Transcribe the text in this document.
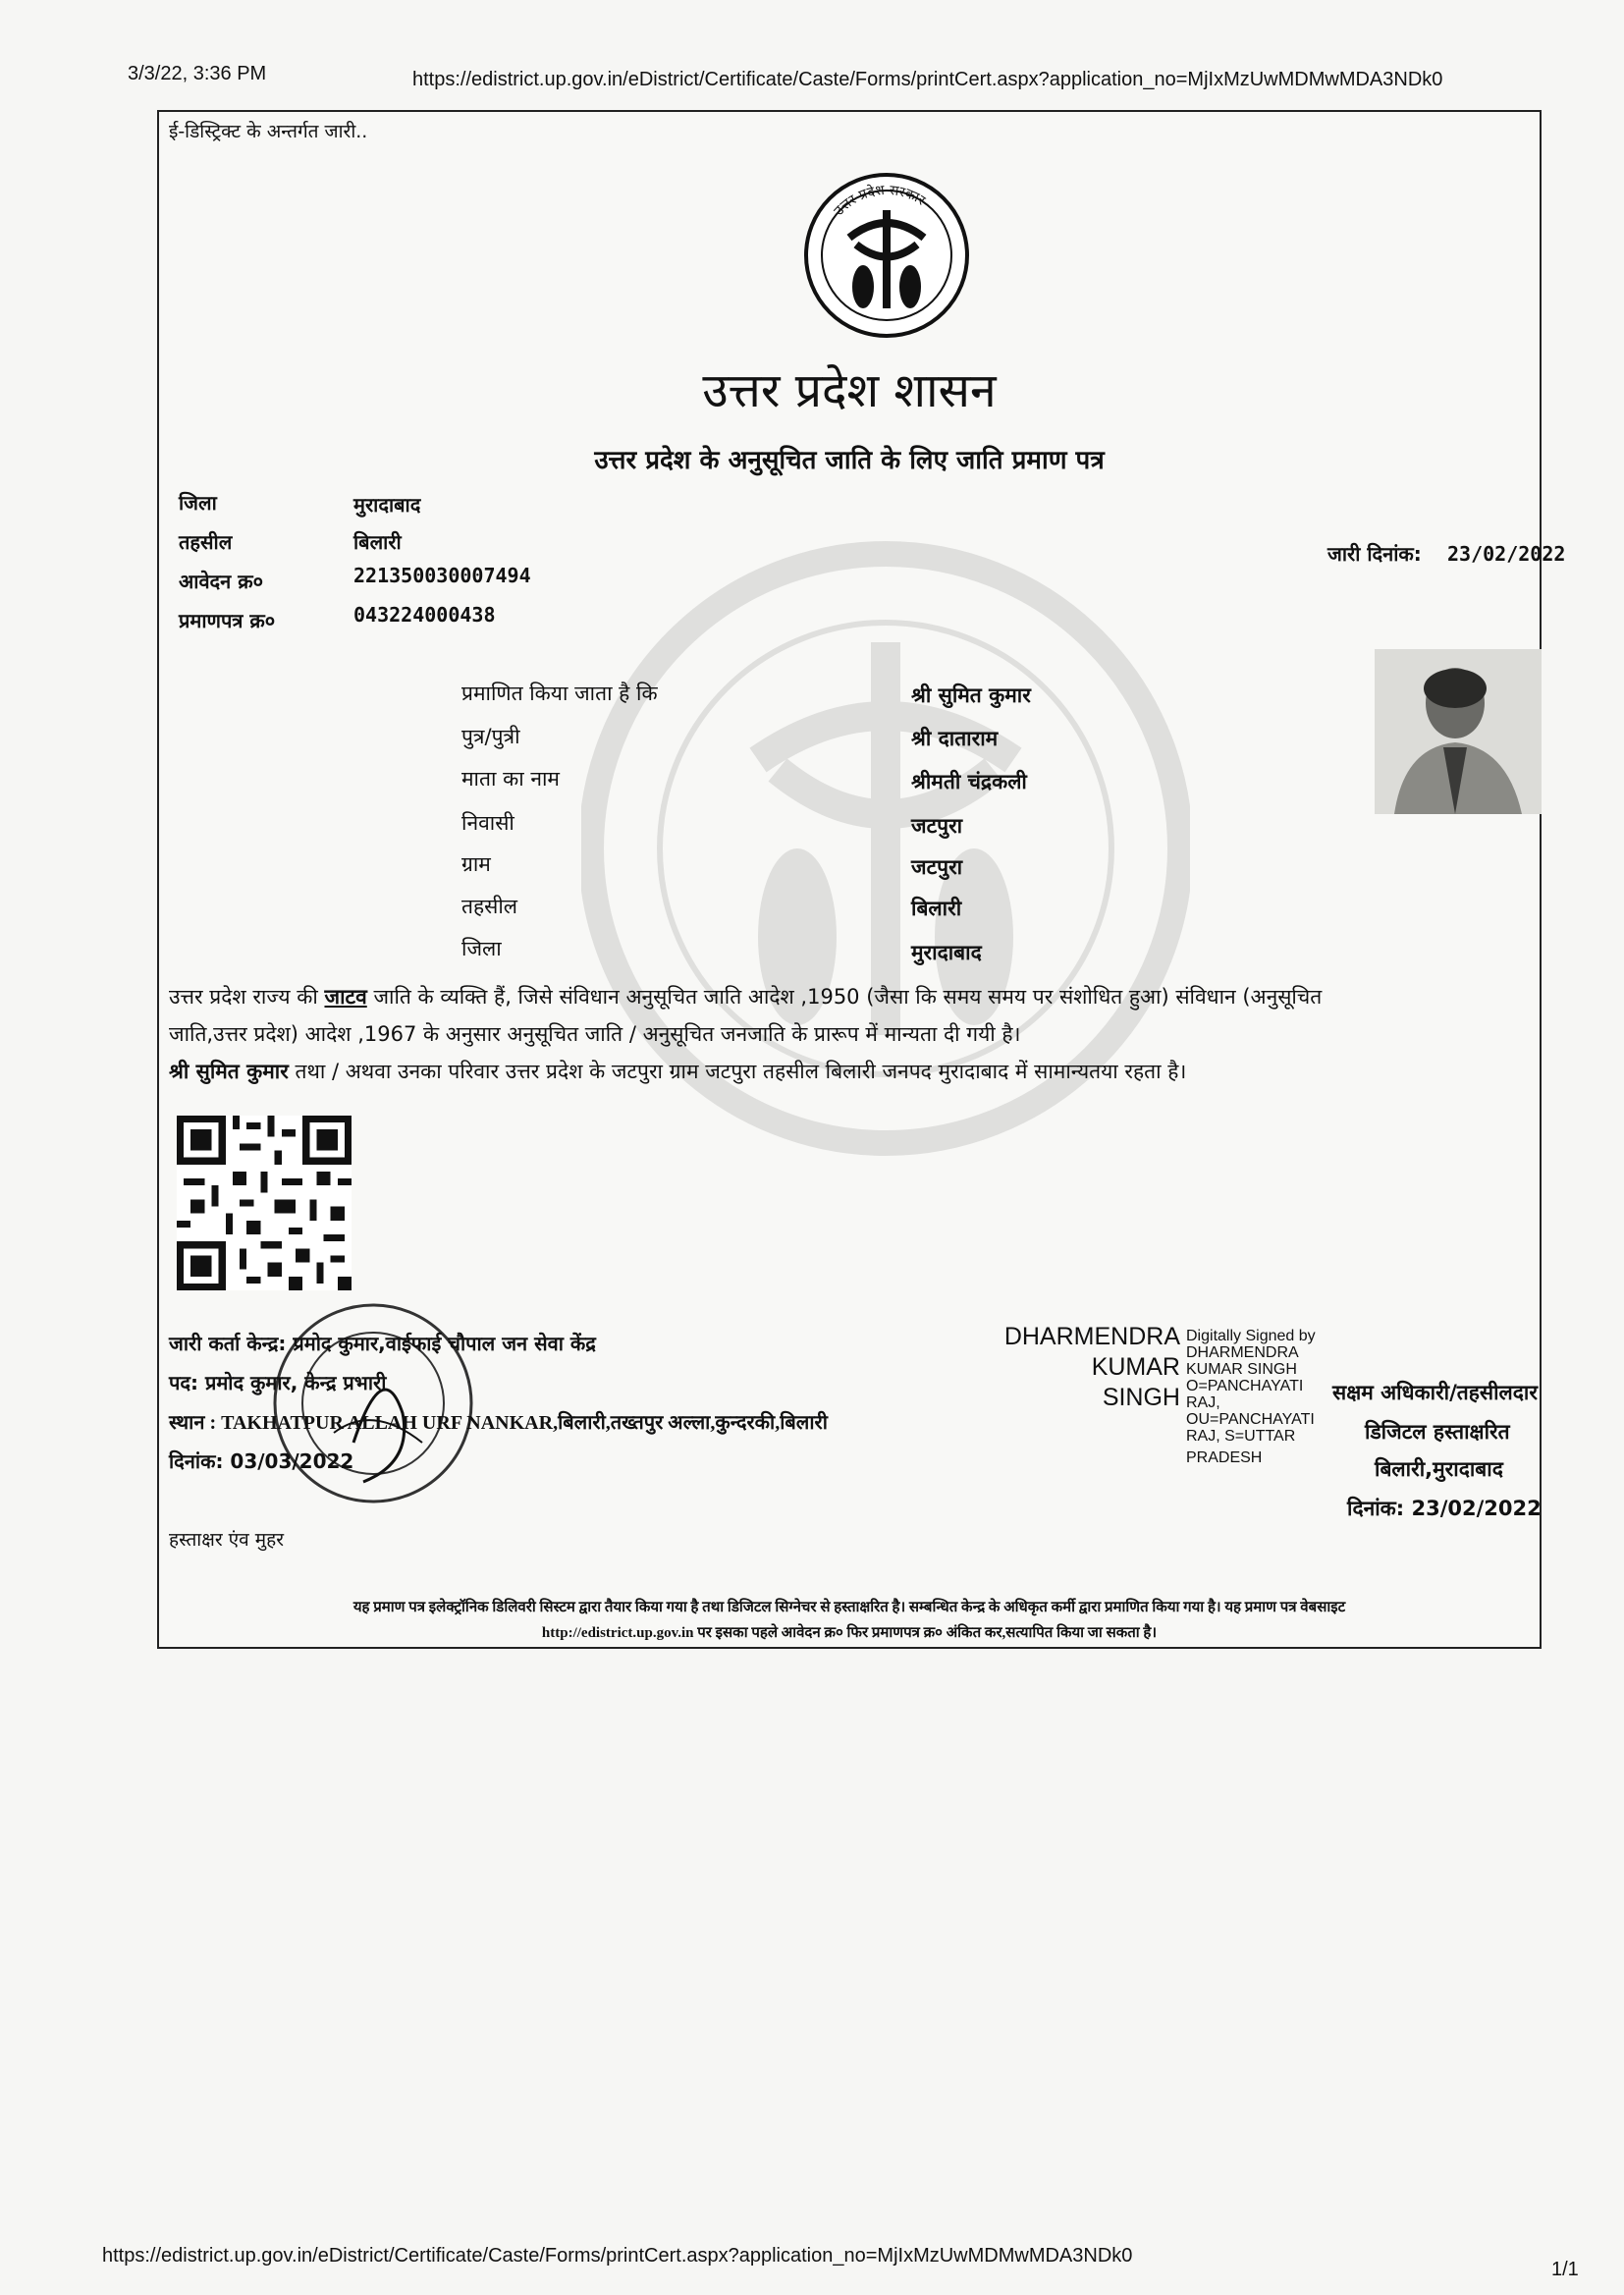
3/3/22, 3:36 PM	https://edistrict.up.gov.in/eDistrict/Certificate/Caste/Forms/printCert.aspx?application_no=MjIxMzUwMDMwMDA3NDk0
ई-डिस्ट्रिक्ट के अन्तर्गत जारी..
उत्तर प्रदेश सरकार
उत्तर प्रदेश शासन
उत्तर प्रदेश के अनुसूचित जाति के लिए जाति प्रमाण पत्र
जिला
तहसील
आवेदन क्र०
प्रमाणपत्र क्र०
मुरादाबाद
बिलारी
221350030007494
043224000438
जारी दिनांक: 23/02/2022
प्रमाणित किया जाता है कि
पुत्र/पुत्री
माता का नाम
निवासी
ग्राम
तहसील
जिला
श्री सुमित कुमार
श्री दाताराम
श्रीमती चंद्रकली
जटपुरा
जटपुरा
बिलारी
मुरादाबाद
उत्तर प्रदेश राज्य की जाटव जाति के व्यक्ति हैं, जिसे संविधान अनुसूचित जाति आदेश ,1950 (जैसा कि समय समय पर संशोधित हुआ) संविधान (अनुसूचित
जाति,उत्तर प्रदेश) आदेश ,1967 के अनुसार अनुसूचित जाति / अनुसूचित जनजाति के प्रारूप में मान्यता दी गयी है।
श्री सुमित कुमार तथा / अथवा उनका परिवार उत्तर प्रदेश के जटपुरा ग्राम जटपुरा तहसील बिलारी जनपद मुरादाबाद में सामान्यतया रहता है।
जारी कर्ता केन्द्र: प्रमोद कुमार,वाईफाई चौपाल जन सेवा केंद्र
पद: प्रमोद कुमार, केन्द्र प्रभारी
स्थान : TAKHATPUR ALLAH URF NANKAR,बिलारी,तख्तपुर अल्ला,कुन्दरकी,बिलारी
दिनांक: 03/03/2022
हस्ताक्षर एंव मुहर
DHARMENDRA
KUMAR
SINGH
Digitally Signed by
DHARMENDRA
KUMAR SINGH
O=PANCHAYATI
RAJ,
OU=PANCHAYATI
RAJ, S=UTTAR
PRADESH
सक्षम अधिकारी/तहसीलदार
डिजिटल हस्ताक्षरित
बिलारी,मुरादाबाद
दिनांक: 23/02/2022
यह प्रमाण पत्र इलेक्ट्रॉनिक डिलिवरी सिस्टम द्वारा तैयार किया गया है तथा डिजिटल सिग्नेचर से हस्ताक्षरित है। सम्बन्धित केन्द्र के अधिकृत कर्मी द्वारा प्रमाणित किया गया है। यह प्रमाण पत्र वेबसाइट
http://edistrict.up.gov.in पर इसका पहले आवेदन क्र० फिर प्रमाणपत्र क्र० अंकित कर,सत्यापित किया जा सकता है।
https://edistrict.up.gov.in/eDistrict/Certificate/Caste/Forms/printCert.aspx?application_no=MjIxMzUwMDMwMDA3NDk0
1/1
